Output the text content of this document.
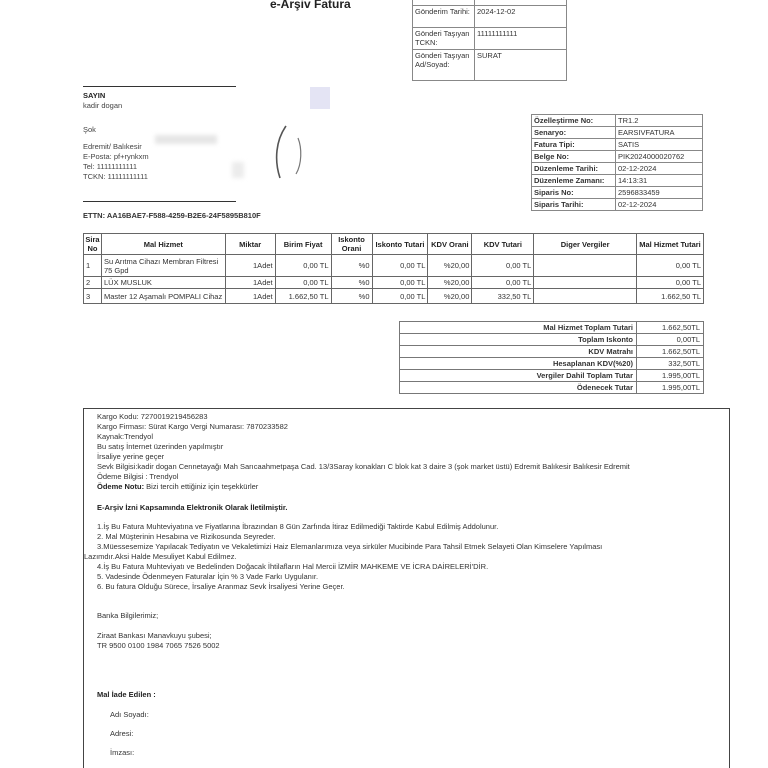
e-Arşiv Fatura

Gönderim Tarihi:	2024-12-02
Gönderi Taşıyan TCKN:	11111111111
Gönderi Taşıyan Ad/Soyad:	SURAT
SAYIN
kadir dogan
Şok
Edremit/ Balıkesir
E-Posta: pf+rynkxm
Tel: 11111111111
TCKN: 11111111111
ETTN: AA16BAE7-F588-4259-B2E6-24F5895B810F
Özelleştirme No:	TR1.2
Senaryo:	EARSIVFATURA
Fatura Tipi:	SATIS
Belge No:	PIK2024000020762
Düzenleme Tarihi:	02-12-2024
Düzenleme Zamanı:	14:13:31
Siparis No:	2596833459
Siparis Tarihi:	02-12-2024
Sira No	Mal Hizmet	Miktar	Birim Fiyat	Iskonto Orani	Iskonto Tutari	KDV Orani	KDV Tutari	Diger Vergiler	Mal Hizmet Tutari
1	Su Arıtma Cihazı Membran Filtresi 75 Gpd	1Adet	0,00 TL	%0	0,00 TL	%20,00	0,00 TL		0,00 TL
2	LÜX MUSLUK	1Adet	0,00 TL	%0	0,00 TL	%20,00	0,00 TL		0,00 TL
3	Master 12 Aşamalı POMPALI Cihaz	1Adet	1.662,50 TL	%0	0,00 TL	%20,00	332,50 TL		1.662,50 TL
Mal Hizmet Toplam Tutari	1.662,50TL
Toplam Iskonto	0,00TL
KDV Matrahı	1.662,50TL
Hesaplanan KDV(%20)	332,50TL
Vergiler Dahil Toplam Tutar	1.995,00TL
Ödenecek Tutar	1.995,00TL
Kargo Kodu: 7270019219456283
Kargo Firması: Sürat Kargo Vergi Numarası: 7870233582
Kaynak:Trendyol
Bu satış İnternet üzerinden yapılmıştır
İrsaliye yerine geçer
Sevk Bilgisi:kadir dogan Cennetayağı Mah Sarıcaahmetpaşa Cad. 13/3Saray konakları C blok kat 3 daire 3 (şok market üstü) Edremit Balıkesir Balıkesir Edremit
Ödeme Bilgisi : Trendyol
Ödeme Notu: Bizi tercih ettiğiniz için teşekkürler
E-Arşiv İzni Kapsamında Elektronik Olarak İletilmiştir.
1.İş Bu Fatura Muhteviyatına ve Fiyatlarına İbrazından 8 Gün Zarfında İtiraz Edilmediği Taktirde Kabul Edilmiş Addolunur.
2. Mal Müşterinin Hesabına ve Rizikosunda Seyreder.
3.Müessesemize Yapılacak Tediyatın ve Vekaletimizi Haiz Elemanlarımıza veya sirküler Mucibinde Para Tahsil Etmek Selayeti Olan Kimselere Yapılması
Lazımdır.Aksi Halde Mesuliyet Kabul Edilmez.
4.İş Bu Fatura Muhteviyatı ve Bedelinden Doğacak İhtilafların Hal Mercii İZMİR MAHKEME VE İCRA DAİRELERİ'DİR.
5. Vadesinde Ödenmeyen Faturalar İçin % 3 Vade Farkı Uygulanır.
6. Bu fatura Olduğu Sürece, İrsaliye Aranmaz Sevk İrsaliyesi Yerine Geçer.
Banka Bilgilerimiz;
Ziraat Bankası Manavkuyu şubesi;
TR 9500 0100 1984 7065 7526 5002
Mal İade Edilen :
Adı Soyadı:
Adresi:
İmzası:
